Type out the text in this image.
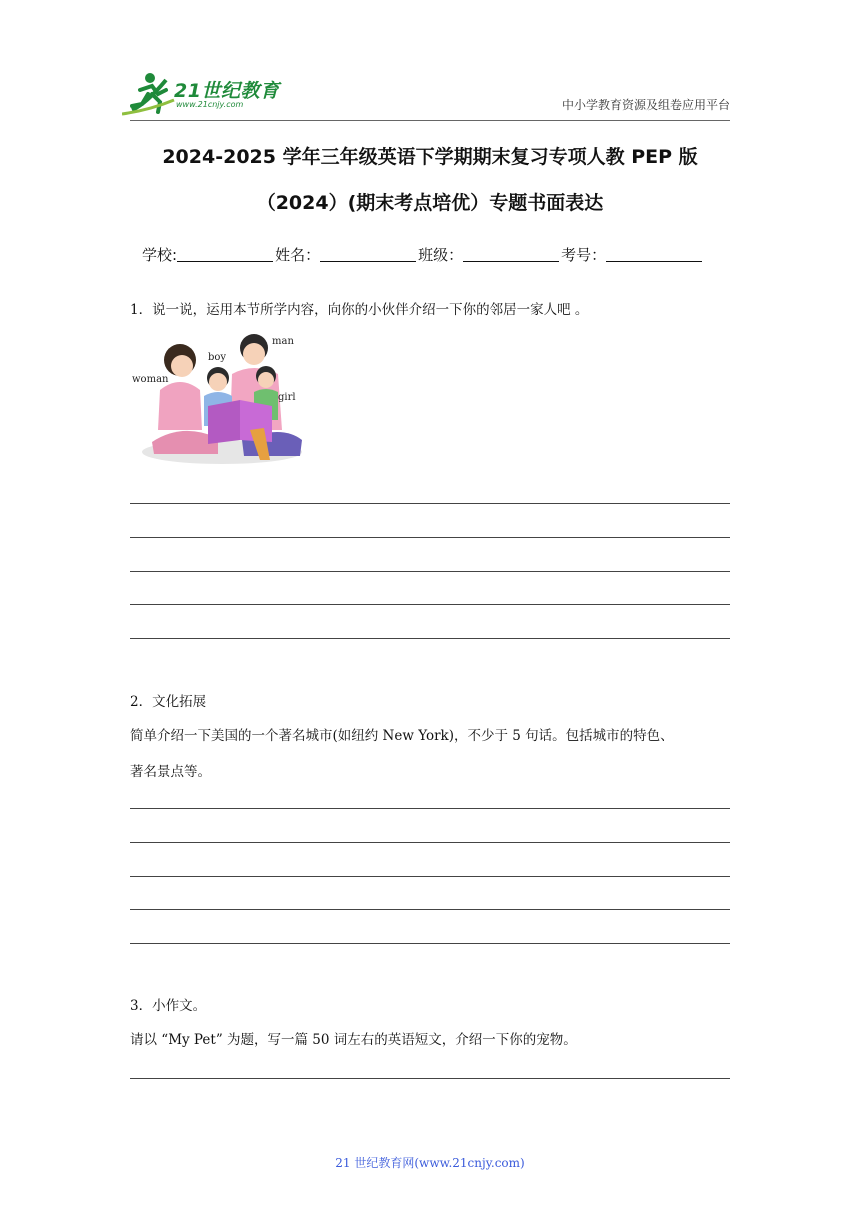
21世纪教育
www.21cnjy.com	中小学教育资源及组卷应用平台
2024-2025 学年三年级英语下学期期末复习专项人教 PEP 版
（2024）(期末考点培优）专题书面表达
学校:	姓名：	班级：	考号：
1．说一说，运用本节所学内容，向你的小伙伴介绍一下你的邻居一家人吧 。
man
boy
woman
girl
2．文化拓展
简单介绍一下美国的一个著名城市(如纽约 New York)，不少于 5 句话。包括城市的特色、
著名景点等。
3．小作文。
请以 “My Pet” 为题，写一篇 50 词左右的英语短文，介绍一下你的宠物。
21 世纪教育网(www.21cnjy.com)
